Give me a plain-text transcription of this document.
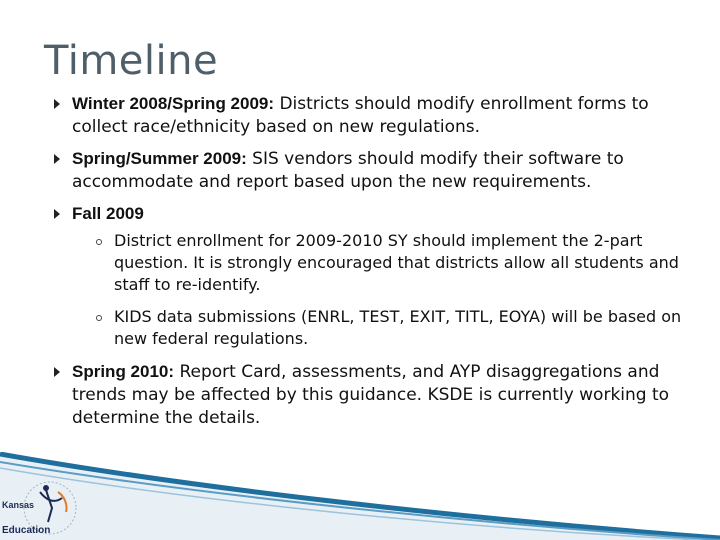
Timeline
Winter 2008/Spring 2009: Districts should modify enrollment forms to collect race/ethnicity based on new regulations.
Spring/Summer 2009: SIS vendors should modify their software to accommodate and report based upon the new requirements.
Fall 2009
District enrollment for 2009-2010 SY should implement the 2-part question. It is strongly encouraged that districts allow all students and staff to re-identify.
KIDS data submissions (ENRL, TEST, EXIT, TITL, EOYA) will be based on new federal regulations.
Spring 2010: Report Card, assessments, and AYP disaggregations and trends may be affected by this guidance. KSDE is currently working to determine the details.
Kansas
Education
